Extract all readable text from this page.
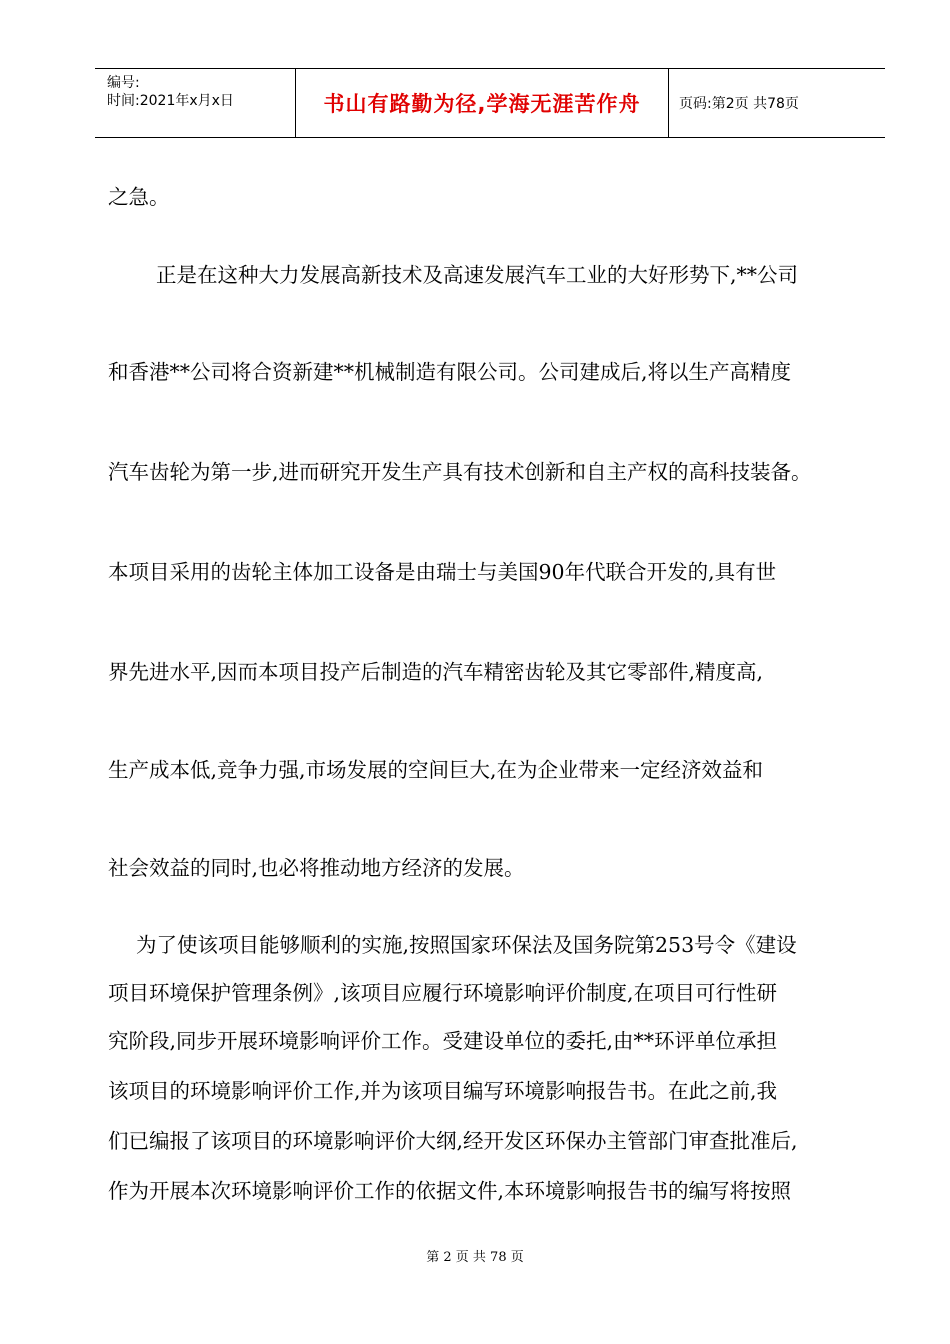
编号:
时间:2021年x月x日	书山有路勤为径,学海无涯苦作舟	页码:第2页 共78页
之急。
正是在这种大力发展高新技术及高速发展汽车工业的大好形势下,**公司
和香港**公司将合资新建**机械制造有限公司。公司建成后,将以生产高精度
汽车齿轮为第一步,进而研究开发生产具有技术创新和自主产权的高科技装备。
本项目采用的齿轮主体加工设备是由瑞士与美国90年代联合开发的,具有世
界先进水平,因而本项目投产后制造的汽车精密齿轮及其它零部件,精度高,
生产成本低,竞争力强,市场发展的空间巨大,在为企业带来一定经济效益和
社会效益的同时,也必将推动地方经济的发展。
为了使该项目能够顺利的实施,按照国家环保法及国务院第253号令《建设
项目环境保护管理条例》,该项目应履行环境影响评价制度,在项目可行性研
究阶段,同步开展环境影响评价工作。受建设单位的委托,由**环评单位承担
该项目的环境影响评价工作,并为该项目编写环境影响报告书。在此之前,我
们已编报了该项目的环境影响评价大纲,经开发区环保办主管部门审查批准后,
作为开展本次环境影响评价工作的依据文件,本环境影响报告书的编写将按照
第 2 页 共 78 页
